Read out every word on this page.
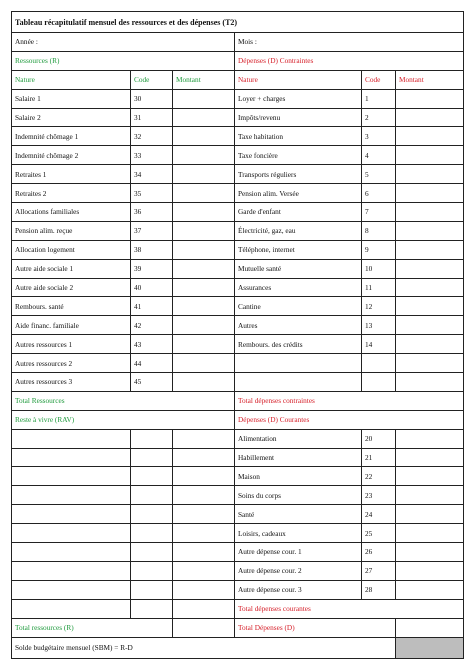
Tableau récapitulatif mensuel des ressources et des dépenses (T2)					
Année :			Mois :		
Ressources (R)			Dépenses (D) Contraintes		
Nature	Code	Montant	Nature	Code	Montant
Salaire 1	30		Loyer + charges	1	
Salaire 2	31		Impôts/revenu	2	
Indemnité chômage 1	32		Taxe habitation	3	
Indemnité chômage 2	33		Taxe foncière	4	
Retraites 1	34		Transports réguliers	5	
Retraites 2	35		Pension alim. Versée	6	
Allocations familiales	36		Garde d'enfant	7	
Pension alim. reçue	37		Électricité, gaz, eau	8	
Allocation logement	38		Téléphone, internet	9	
Autre aide sociale 1	39		Mutuelle santé	10	
Autre aide sociale 2	40		Assurances	11	
Rembours. santé	41		Cantine	12	
Aide financ. familiale	42		Autres	13	
Autres ressources 1	43		Rembours. des crédits	14	
Autres ressources 2	44				
Autres ressources 3	45				
Total Ressources			Total dépenses contraintes		
Reste à vivre (RAV)			Dépenses (D) Courantes		
			Alimentation	20	
			Habillement	21	
			Maison	22	
			Soins du corps	23	
			Santé	24	
			Loisirs, cadeaux	25	
			Autre dépense cour. 1	26	
			Autre dépense cour. 2	27	
			Autre dépense cour. 3	28	
			Total dépenses courantes		
Total ressources (R)			Total Dépenses (D)		
Solde budgétaire mensuel (SBM) = R-D					
